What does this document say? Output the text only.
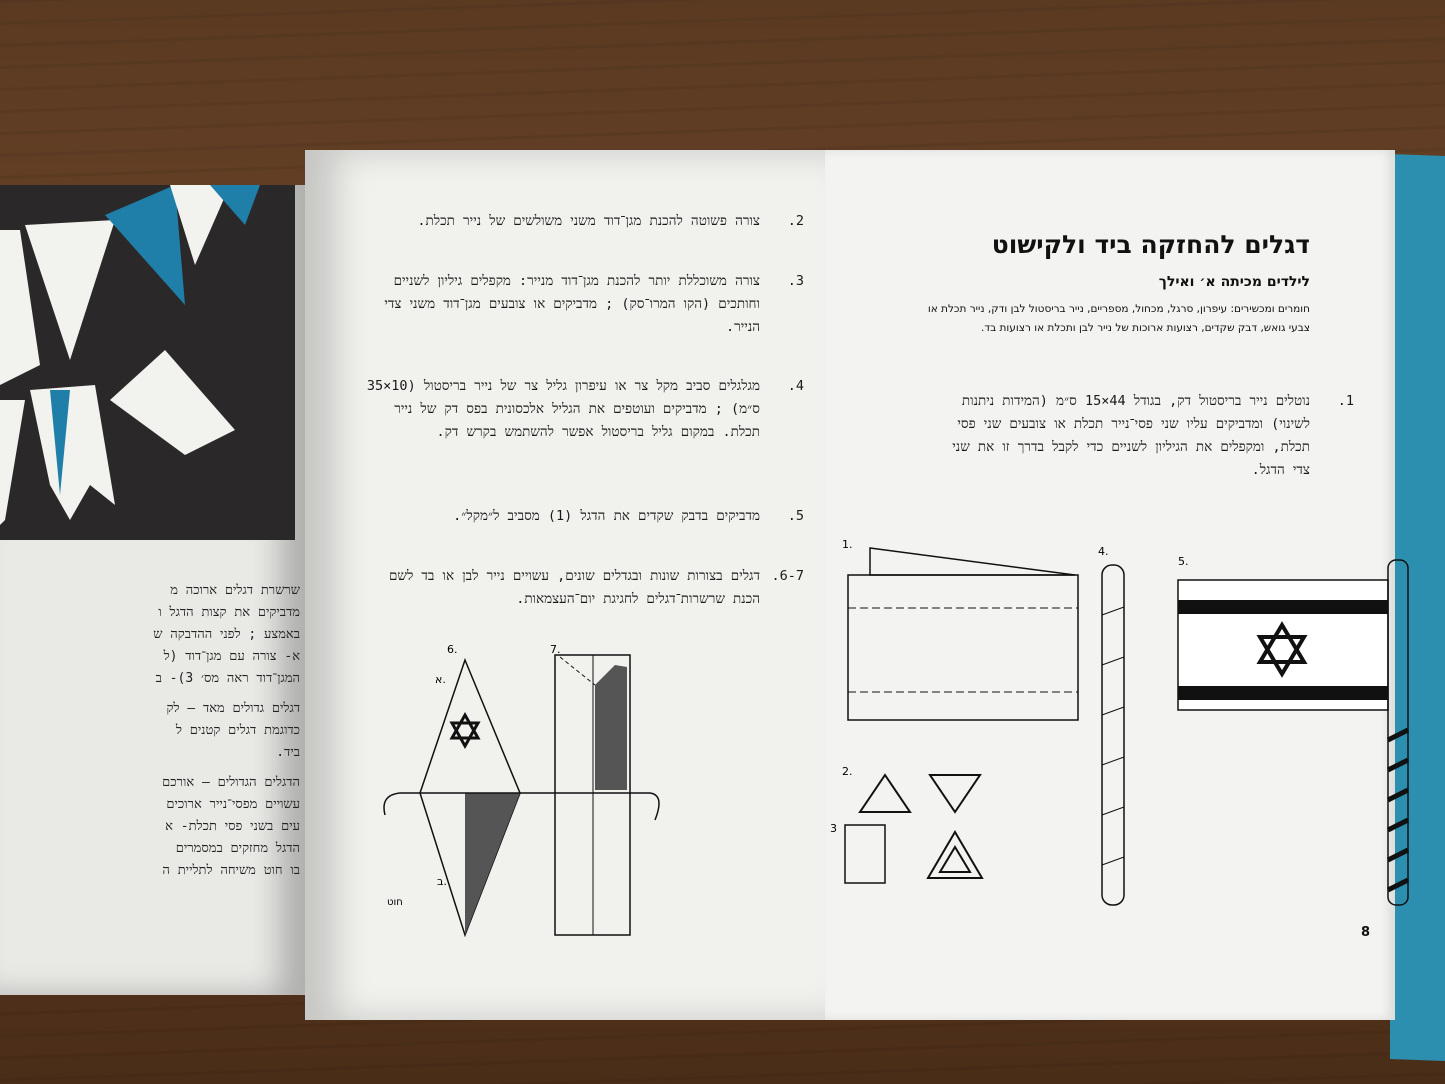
שרשרת דגלים ארוכה מ
מדביקים את קצות הדגל ו
באמצע ; לפני ההדבקה ש
א- צורה עם מגן־דוד (ל
המגן־דוד ראה מס׳ 3)- ב
דגלים גדולים מאד — לק
כדוגמת דגלים קטנים ל
ביד.
הדגלים הגדולים — אורכם
עשויים מפסי־נייר ארוכים
עים בשני פסי תכלת- א
הדגל מחזקים במסמרים
בו חוט משיחה לתליית ה
2.
צורה פשוטה להכנת מגן־דוד משני משולשים של נייר תכלת.
3.
צורה משוכללת יותר להכנת מגן־דוד מנייר: מקפלים גיליון לשניים וחותכים (הקו המרו־סק) ; מדביקים או צובעים מגן־דוד משני צדי הנייר.
4.
מגלגלים סביב מקל צר או עיפרון גליל צר של נייר בריסטול (10×35 ס״מ) ; מדביקים ועוטפים את הגליל אלכסונית בפס דק של נייר תכלת. במקום גליל בריסטול אפשר להשתמש בקרש דק.
5.
מדביקים בדבק שקדים את הדגל (1) מסביב ל״מקל״.
6-7.
דגלים בצורות שונות ובגדלים שונים, עשויים נייר לבן או בד לשם הכנת שרשרות־דגלים לחגיגת יום־העצמאות.
6.
א.
ב.
חוט
7.
דגלים להחזקה ביד ולקישוט
לילדים מכיתה א׳ ואילך
חומרים ומכשירים: עיפרון, סרגל, מכחול, מספריים, נייר בריסטול לבן ודק, נייר תכלת או צבעי גואש, דבק שקדים, רצועות ארוכות של נייר לבן ותכלת או רצועות בד.
1.
נוטלים נייר בריסטול דק, בגודל 44×15 ס״מ (המידות ניתנות לשינוי) ומדביקים עליו שני פסי־נייר תכלת או צובעים שני פסי תכלת, ומקפלים את הגיליון לשניים כדי לקבל בדרך זו את שני צדי הדגל.
1.
2.
3
4.
5.
8
